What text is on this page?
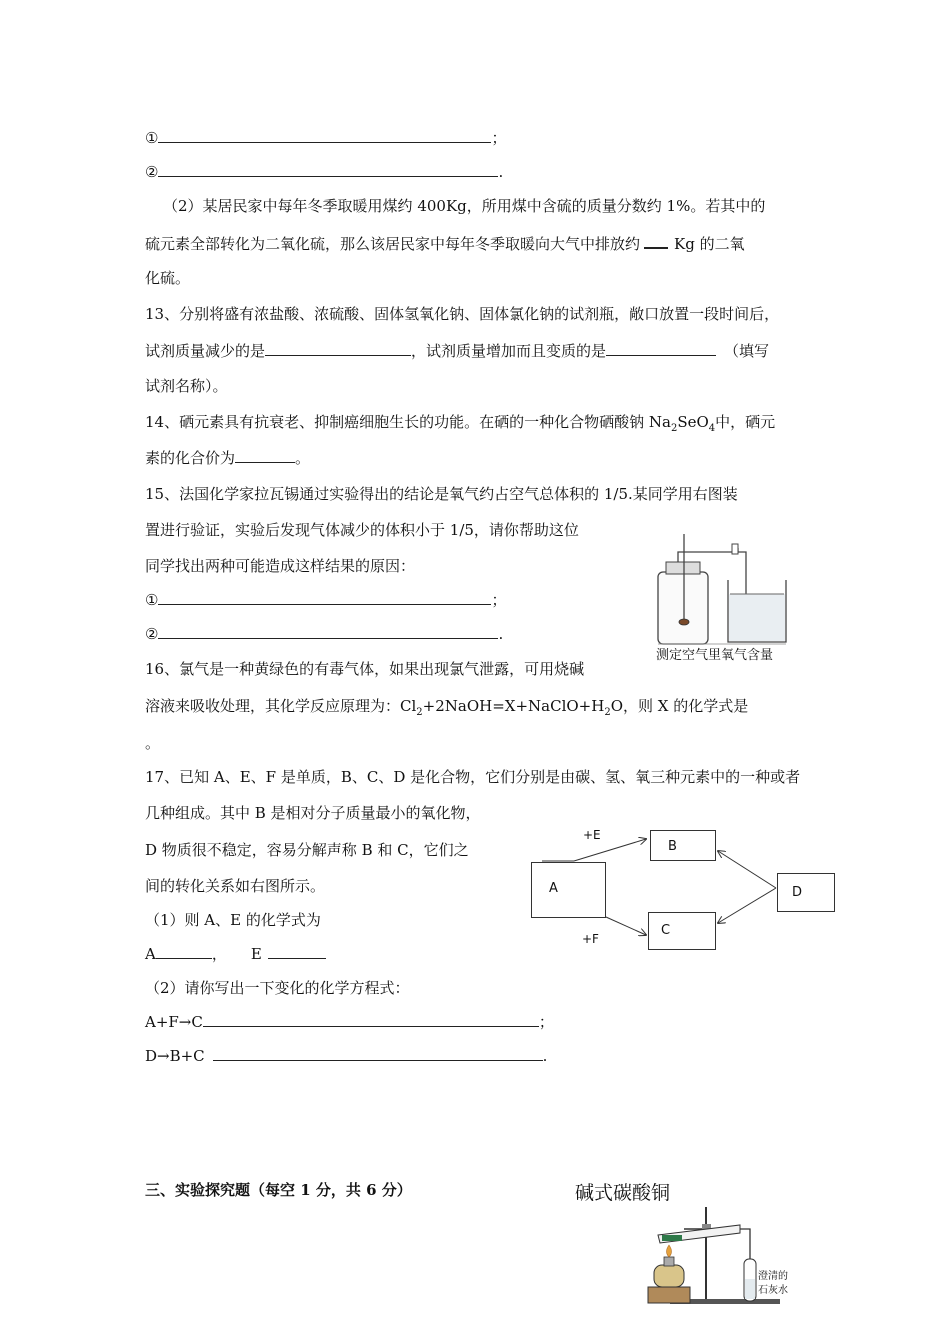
①	；
②	.
（2）某居民家中每年冬季取暖用煤约 400Kg，所用煤中含硫的质量分数约 1%。若其中的
硫元素全部转化为二氧化硫，那么该居民家中每年冬季取暖向大气中排放约 Kg 的二氧
化硫。
13、分别将盛有浓盐酸、浓硫酸、固体氢氧化钠、固体氯化钠的试剂瓶，敞口放置一段时间后，
试剂质量减少的是	，试剂质量增加而且变质的是	（填写
试剂名称）。
14、硒元素具有抗衰老、抑制癌细胞生长的功能。在硒的一种化合物硒酸钠 $Na_2SeO_4$中，硒元
素的化合价为	。
15、法国化学家拉瓦锡通过实验得出的结论是氧气约占空气总体积的 1/5.某同学用右图装
置进行验证，实验后发现气体减少的体积小于 1/5，请你帮助这位
同学找出两种可能造成这样结果的原因：
①	；
②	.
测定空气里氧气含量
16、氯气是一种黄绿色的有毒气体，如果出现氯气泄露，可用烧碱
溶液来吸收处理，其化学反应原理为：$Cl_2+2NaOH=X+NaClO+H_2O$，则 X 的化学式是
。
17、已知 A、E、F 是单质，B、C、D 是化合物，它们分别是由碳、氢、氧三种元素中的一种或者
几种组成。其中 B 是相对分子质量最小的氧化物，
D 物质很不稳定，容易分解声称 B 和 C，它们之
间的转化关系如右图所示。
（1）则 A、E 的化学式为
A	， E
（2）请你写出一下变化的化学方程式：
A+F→C	；
D→B+C	.
A
B
C
D
+E
+F
三、实验探究题（每空 1 分，共 6 分）	碱式碳酸铜
澄清的
石灰水
